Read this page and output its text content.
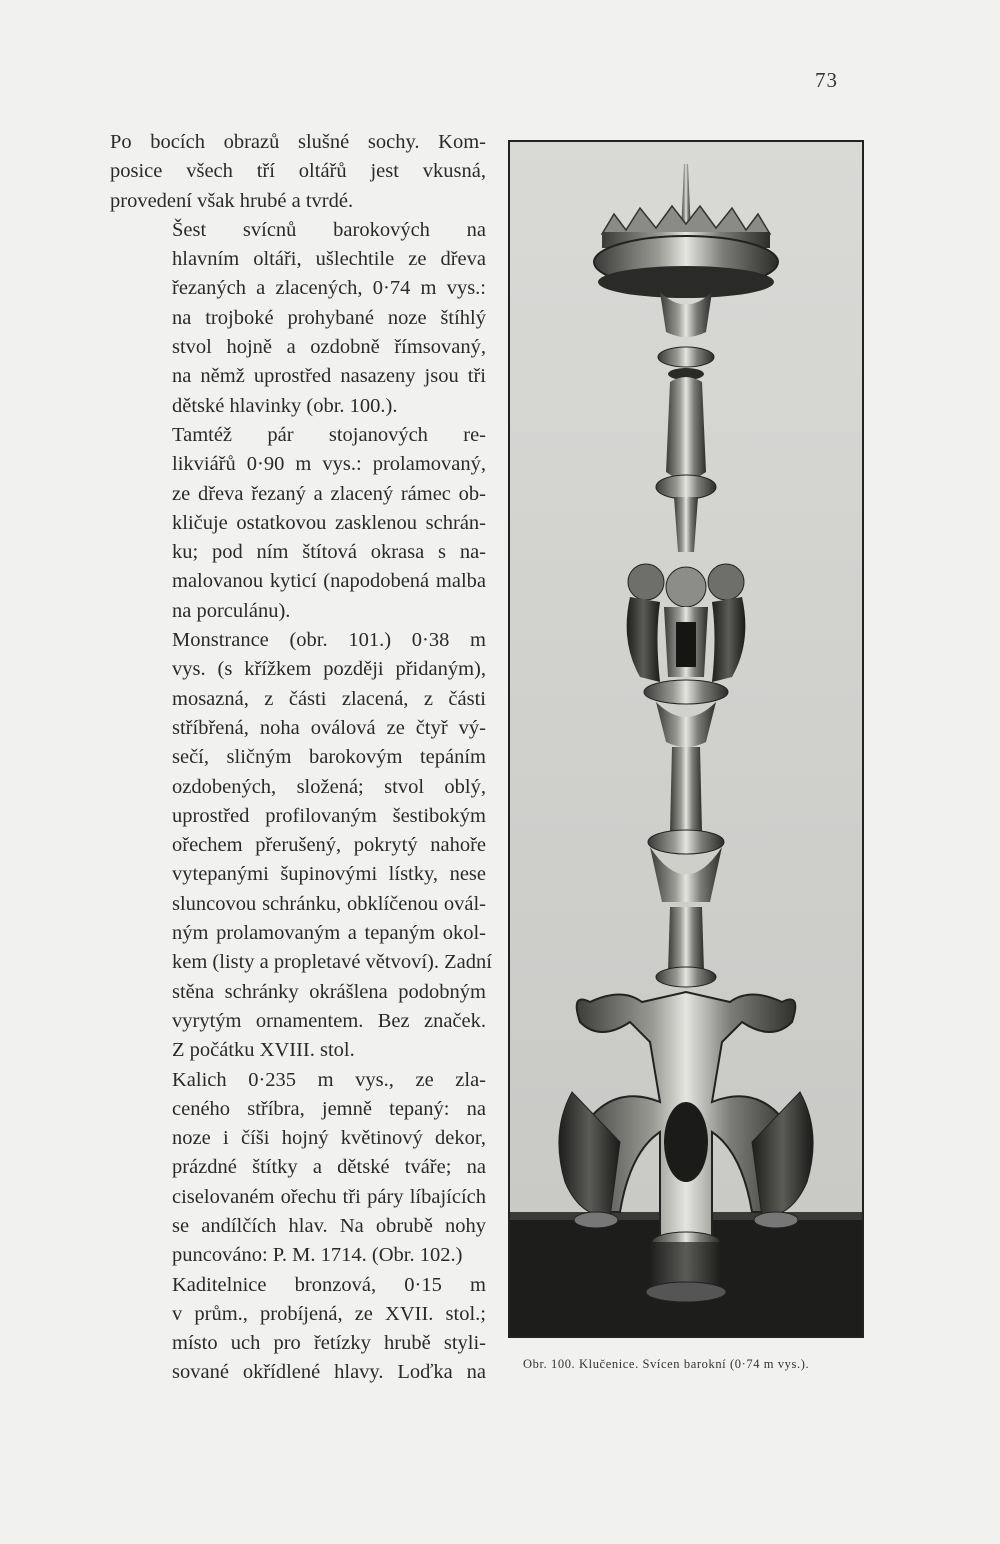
73

Po bocích obrazů slušné sochy. Kom-
posice všech tří oltářů jest vkusná,
provedení však hrubé a tvrdé.

Šest svícnů barokových na
hlavním oltáři, ušlechtile ze dřeva
řezaných a zlacených, 0·74 m vys.:
na trojboké prohybané noze štíhlý
stvol hojně a ozdobně římsovaný,
na němž uprostřed nasazeny jsou tři
dětské hlavinky (obr. 100.).

Tamtéž pár stojanových re-
likviářů 0·90 m vys.: prolamovaný,
ze dřeva řezaný a zlacený rámec ob-
kličuje ostatkovou zasklenou schrán-
ku; pod ním štítová okrasa s na-
malovanou kyticí (napodobená malba
na porculánu).

Monstrance (obr. 101.) 0·38 m
vys. (s křížkem později přidaným),
mosazná, z části zlacená, z části
stříbřená, noha oválová ze čtyř vý-
sečí, sličným barokovým tepáním
ozdobených, složená; stvol oblý,
uprostřed profilovaným šestibokým
ořechem přerušený, pokrytý nahoře
vytepanými šupinovými lístky, nese
sluncovou schránku, obklíčenou ovál-
ným prolamovaným a tepaným okol-
kem (listy a propletavé větvoví). Zadní
stěna schránky okrášlena podobným
vyrytým ornamentem. Bez značek.
Z počátku XVIII. stol.

Kalich 0·235 m vys., ze zla-
ceného stříbra, jemně tepaný: na
noze i číši hojný květinový dekor,
prázdné štítky a dětské tváře; na
ciselovaném ořechu tři páry líbajících
se andílčích hlav. Na obrubě nohy
puncováno: P. M. 1714. (Obr. 102.)

Kaditelnice bronzová, 0·15 m
v prům., probíjená, ze XVII. stol.;
místo uch pro řetízky hrubě styli-
sované okřídlené hlavy. Loďka na	Obr. 100. Klučenice. Svícen barokní (0·74 m vys.).
